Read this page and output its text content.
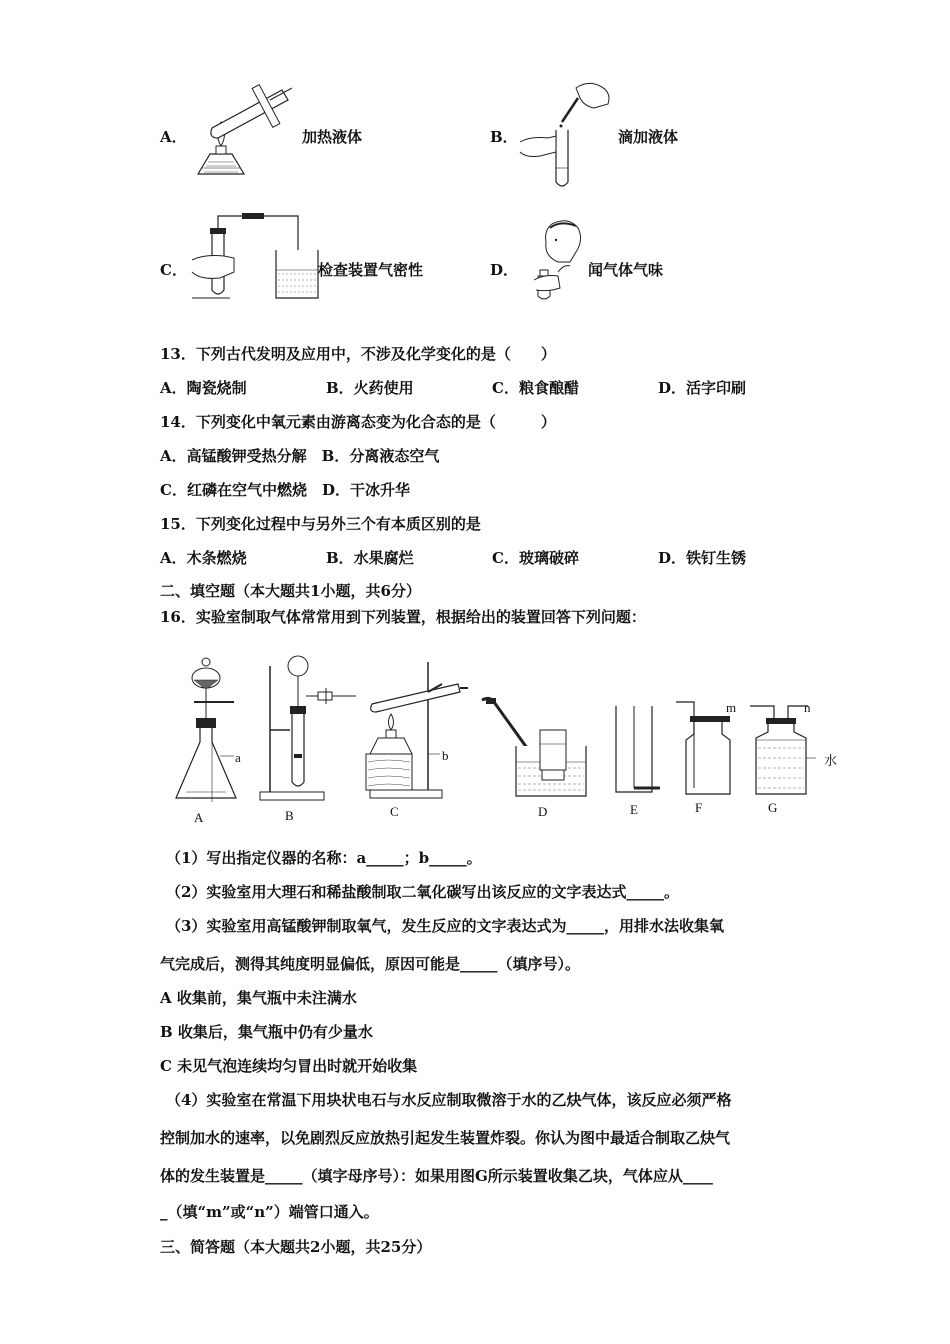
A．	加热液体	B．	滴加液体
C．	检查装置气密性	D．	闻气体气味
13．下列古代发明及应用中，不涉及化学变化的是（　　）
A．陶瓷烧制	B．火药使用	C．粮食酿醋	D．活字印刷
14．下列变化中氧元素由游离态变为化合态的是（　　　）
A．高锰酸钾受热分解　B．分离液态空气
C．红磷在空气中燃烧　D．干冰升华
15．下列变化过程中与另外三个有本质区别的是
A．木条燃烧	B．水果腐烂	C．玻璃破碎	D．铁钉生锈
二、填空题（本大题共1小题，共6分）
16．实验室制取气体常常用到下列装置，根据给出的装置回答下列问题：
a
A	B
b
C	D	E	F
m	n
水
G
（1）写出指定仪器的名称：a_____；b_____。
（2）实验室用大理石和稀盐酸制取二氧化碳写出该反应的文字表达式_____。
（3）实验室用高锰酸钾制取氧气，发生反应的文字表达式为_____，用排水法收集氧
气完成后，测得其纯度明显偏低，原因可能是_____（填序号）。
A 收集前，集气瓶中未注满水
B 收集后，集气瓶中仍有少量水
C 未见气泡连续均匀冒出时就开始收集
（4）实验室在常温下用块状电石与水反应制取微溶于水的乙炔气体，该反应必须严格
控制加水的速率，以免剧烈反应放热引起发生装置炸裂。你认为图中最适合制取乙炔气
体的发生装置是_____（填字母序号）：如果用图G所示装置收集乙块，气体应从____
_（填“m”或“n”）端管口通入。
三、简答题（本大题共2小题，共25分）
